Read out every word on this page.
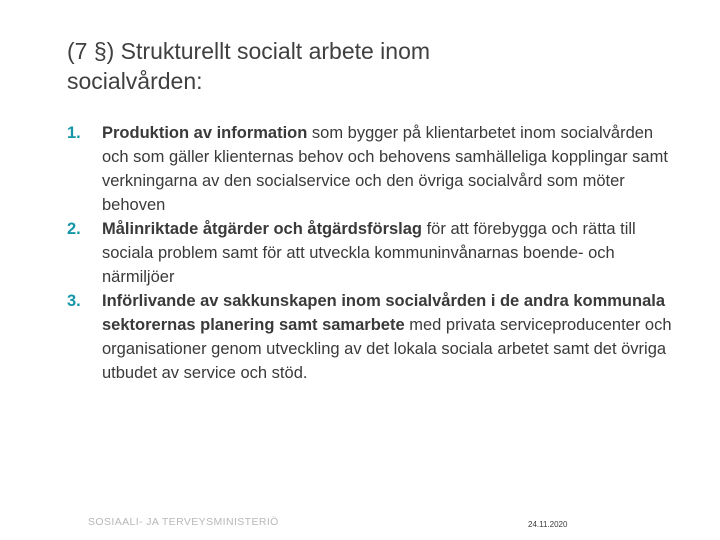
(7 §) Strukturellt socialt arbete inom
socialvården:
1.	Produktion av information som bygger på klientarbetet inom socialvården och som gäller klienternas behov och behovens samhälleliga kopplingar samt verkningarna av den socialservice och den övriga socialvård som möter behoven
2.	Målinriktade åtgärder och åtgärdsförslag för att förebygga och rätta till sociala problem samt för att utveckla kommuninvånarnas boende- och närmiljöer
3.	Införlivande av sakkunskapen inom socialvården i de andra kommunala sektorernas planering samt samarbete med privata serviceproducenter och organisationer genom utveckling av det lokala sociala arbetet samt det övriga utbudet av service och stöd.
SOSIAALI- JA TERVEYSMINISTERIÖ	24.11.2020
